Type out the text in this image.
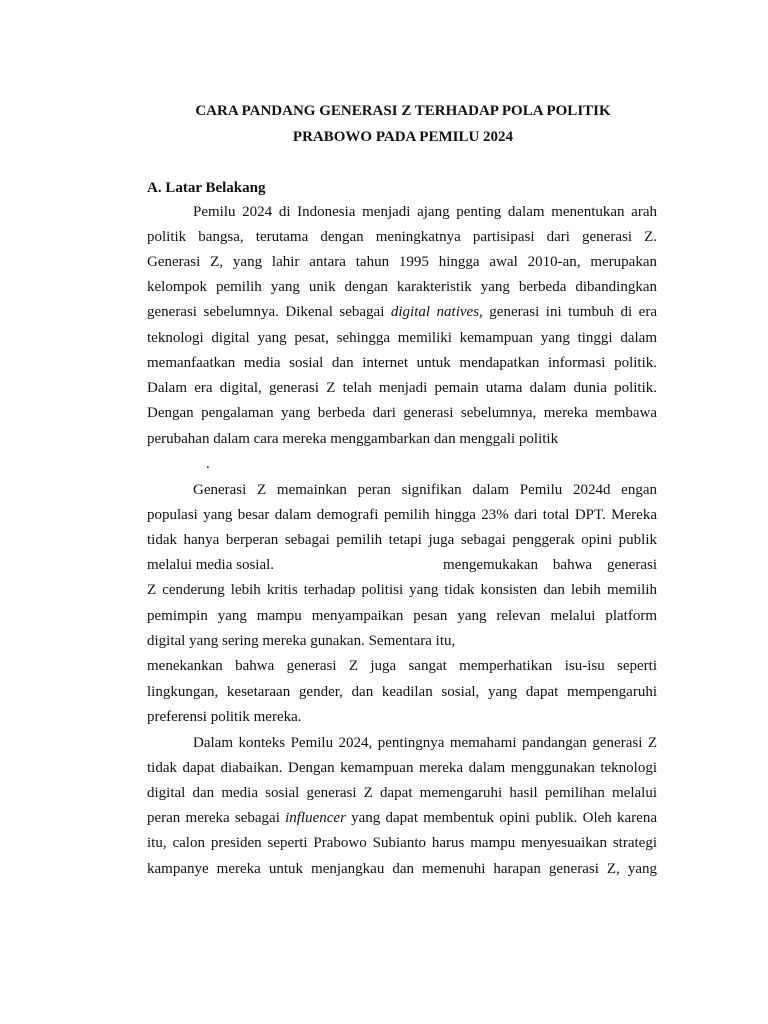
CARA PANDANG GENERASI Z TERHADAP POLA POLITIK
PRABOWO PADA PEMILU 2024
A. Latar Belakang
Pemilu 2024 di Indonesia menjadi ajang penting dalam menentukan arah
politik bangsa, terutama dengan meningkatnya partisipasi dari generasi Z.
Generasi Z, yang lahir antara tahun 1995 hingga awal 2010-an, merupakan
kelompok pemilih yang unik dengan karakteristik yang berbeda dibandingkan
generasi sebelumnya. Dikenal sebagai digital natives, generasi ini tumbuh di era
teknologi digital yang pesat, sehingga memiliki kemampuan yang tinggi dalam
memanfaatkan media sosial dan internet untuk mendapatkan informasi politik.
Dalam era digital, generasi Z telah menjadi pemain utama dalam dunia politik.
Dengan pengalaman yang berbeda dari generasi sebelumnya, mereka membawa
perubahan dalam cara mereka menggambarkan dan menggali politik
.
Generasi Z memainkan peran signifikan dalam Pemilu 2024d engan
populasi yang besar dalam demografi pemilih hingga 23% dari total DPT. Mereka
tidak hanya berperan sebagai pemilih tetapi juga sebagai penggerak opini publik
melalui media sosial.	mengemukakan bahwa generasi
Z cenderung lebih kritis terhadap politisi yang tidak konsisten dan lebih memilih
pemimpin yang mampu menyampaikan pesan yang relevan melalui platform
digital yang sering mereka gunakan. Sementara itu,
menekankan bahwa generasi Z juga sangat memperhatikan isu-isu seperti
lingkungan, kesetaraan gender, dan keadilan sosial, yang dapat mempengaruhi
preferensi politik mereka.
Dalam konteks Pemilu 2024, pentingnya memahami pandangan generasi Z
tidak dapat diabaikan. Dengan kemampuan mereka dalam menggunakan teknologi
digital dan media sosial generasi Z dapat memengaruhi hasil pemilihan melalui
peran mereka sebagai influencer yang dapat membentuk opini publik. Oleh karena
itu, calon presiden seperti Prabowo Subianto harus mampu menyesuaikan strategi
kampanye mereka untuk menjangkau dan memenuhi harapan generasi Z, yang
